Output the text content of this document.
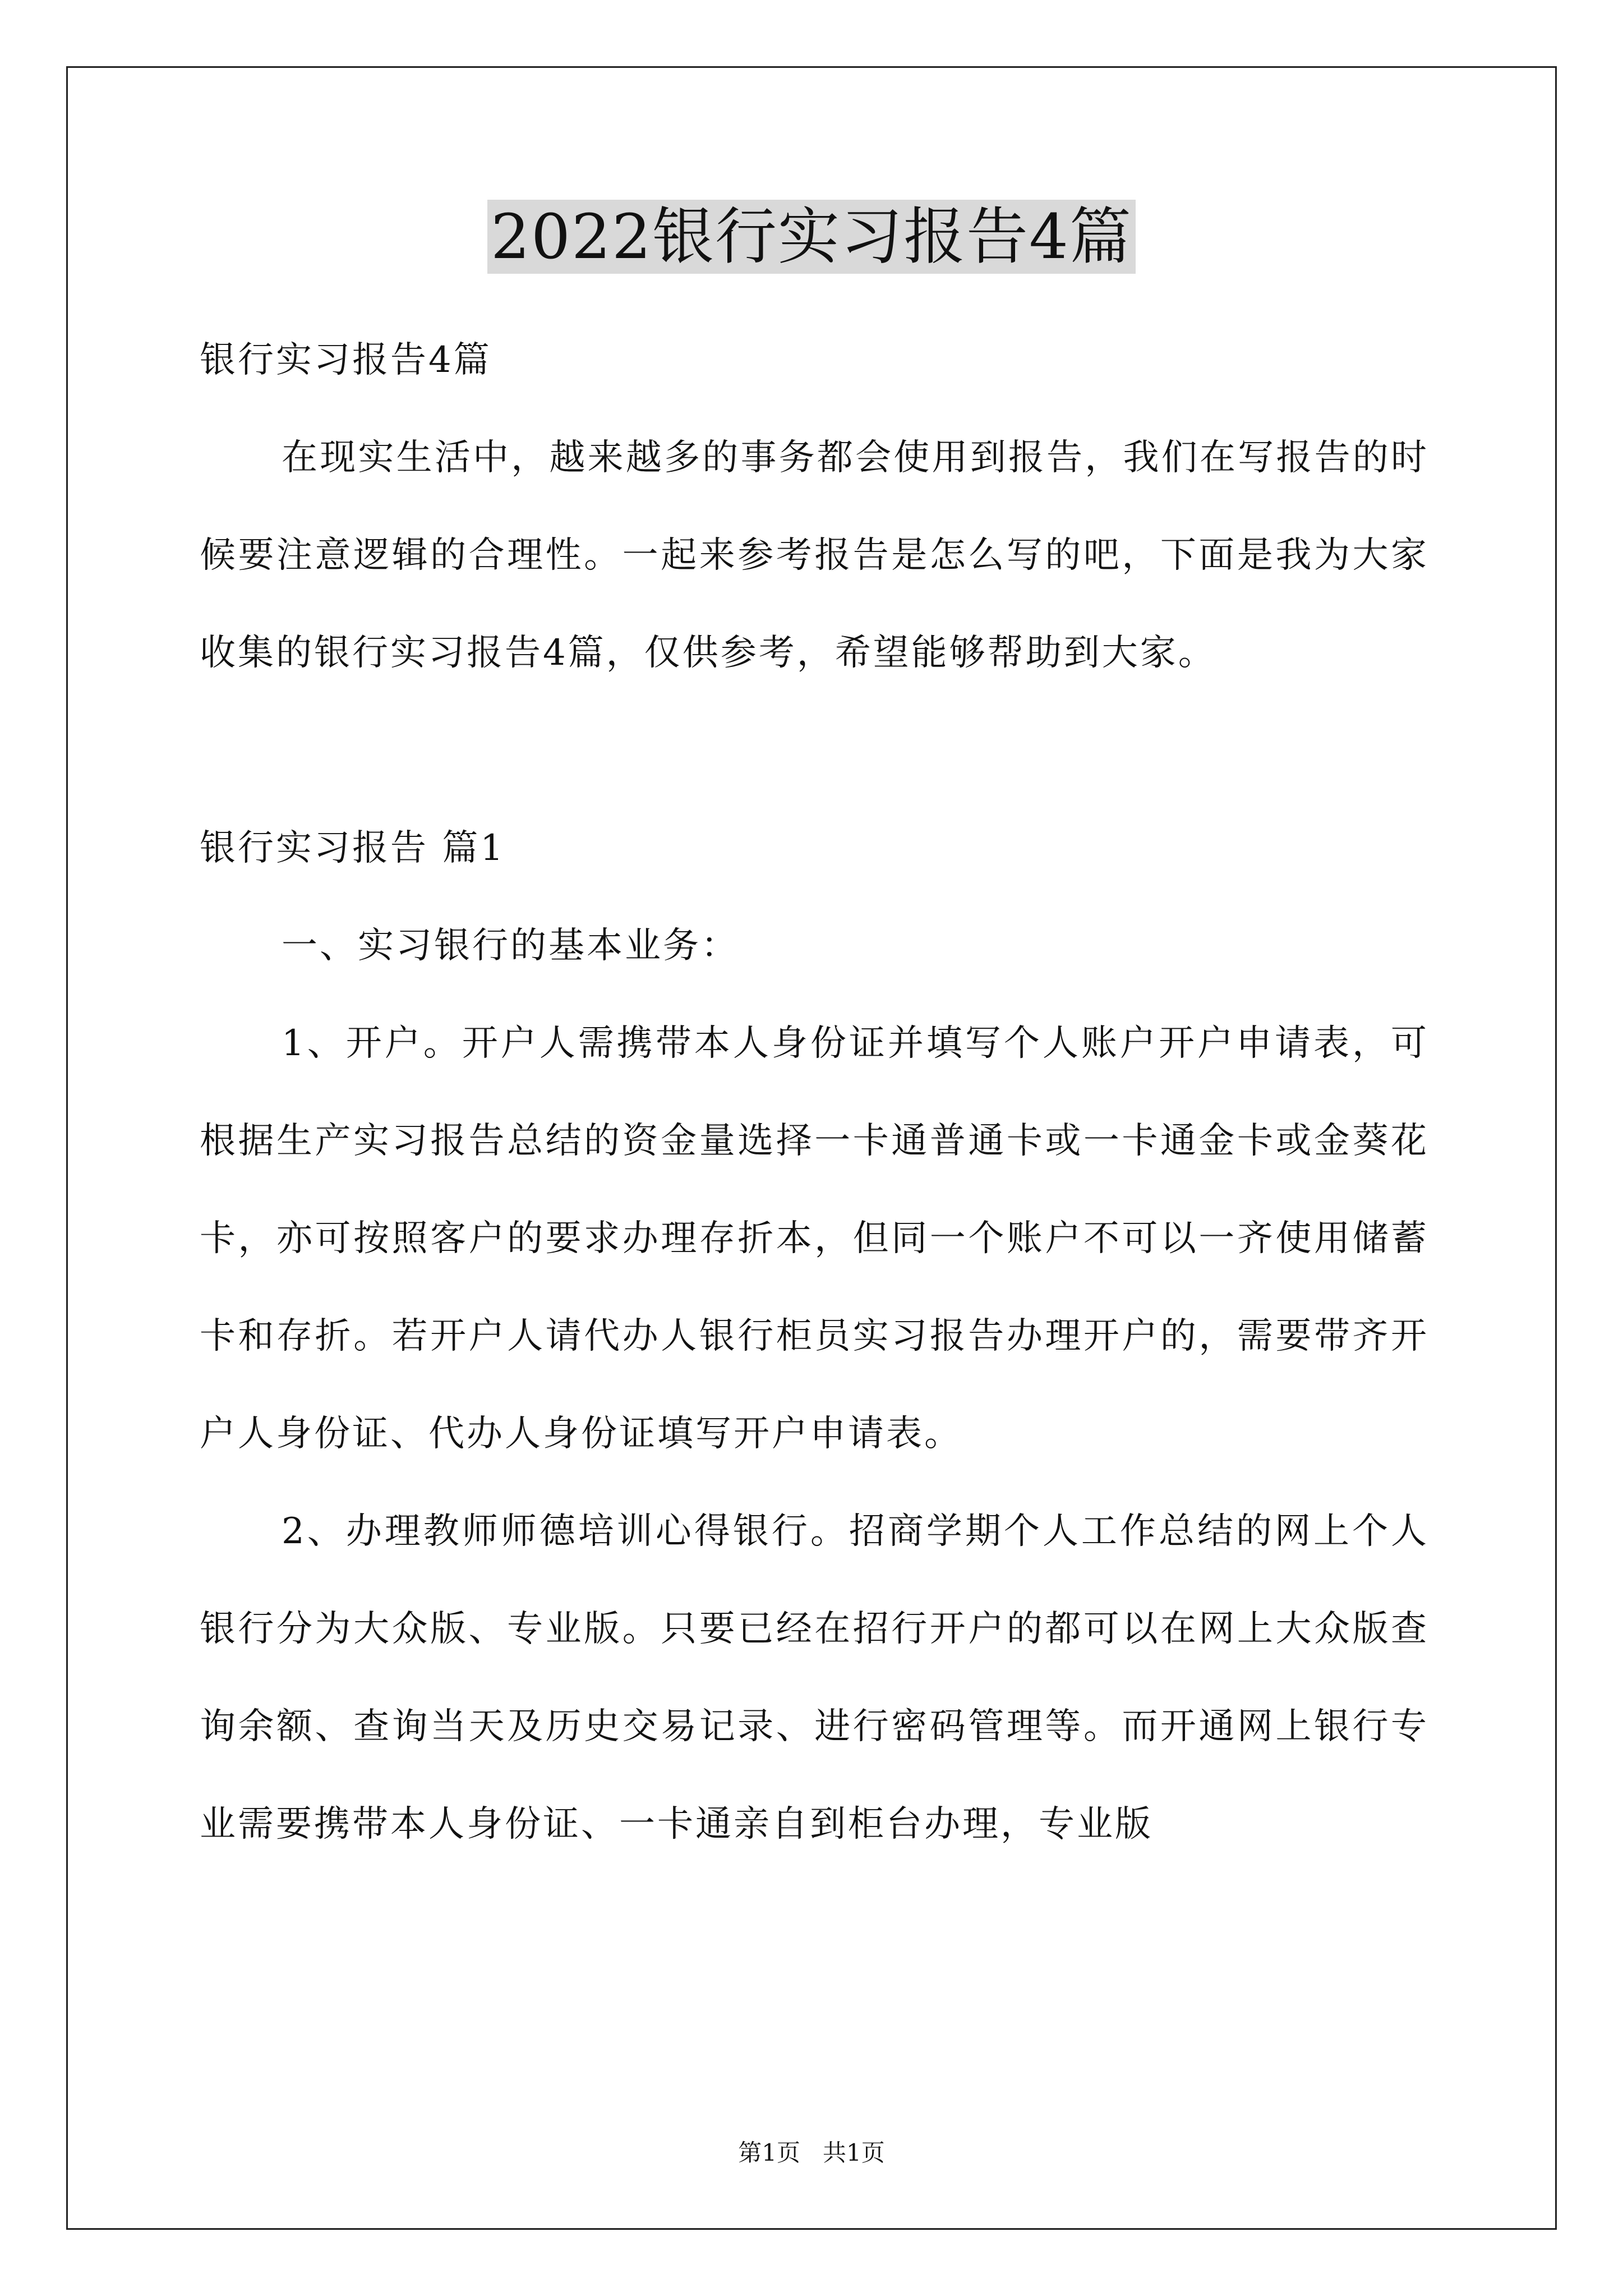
2022银行实习报告4篇

银行实习报告4篇

在现实生活中，越来越多的事务都会使用到报告，我们在写报告的时候要注意逻辑的合理性。一起来参考报告是怎么写的吧，下面是我为大家收集的银行实习报告4篇，仅供参考，希望能够帮助到大家。

银行实习报告 篇1

一、实习银行的基本业务：

1、开户。开户人需携带本人身份证并填写个人账户开户申请表，可根据生产实习报告总结的资金量选择一卡通普通卡或一卡通金卡或金葵花卡，亦可按照客户的要求办理存折本，但同一个账户不可以一齐使用储蓄卡和存折。若开户人请代办人银行柜员实习报告办理开户的，需要带齐开户人身份证、代办人身份证填写开户申请表。

2、办理教师师德培训心得银行。招商学期个人工作总结的网上个人银行分为大众版、专业版。只要已经在招行开户的都可以在网上大众版查询余额、查询当天及历史交易记录、进行密码管理等。而开通网上银行专业需要携带本人身份证、一卡通亲自到柜台办理，专业版

第1页   共1页
